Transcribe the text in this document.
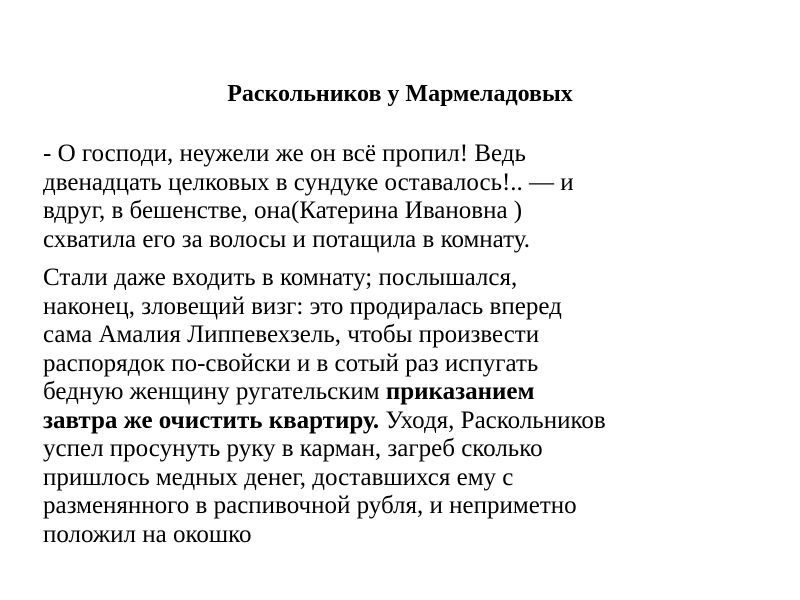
Раскольников у Мармеладовых

- О господи, неужели же он всё пропил! Ведь
двенадцать целковых в сундуке оставалось!.. — и
вдруг, в бешенстве, она(Катерина Ивановна )
схватила его за волосы и потащила в комнату.

Стали даже входить в комнату; послышался,
наконец, зловещий визг: это продиралась вперед
сама Амалия Липпевехзель, чтобы произвести
распорядок по-свойски и в сотый раз испугать
бедную женщину ругательским приказанием
завтра же очистить квартиру. Уходя, Раскольников
успел просунуть руку в карман, загреб сколько
пришлось медных денег, доставшихся ему с
разменянного в распивочной рубля, и неприметно
положил на окошко
